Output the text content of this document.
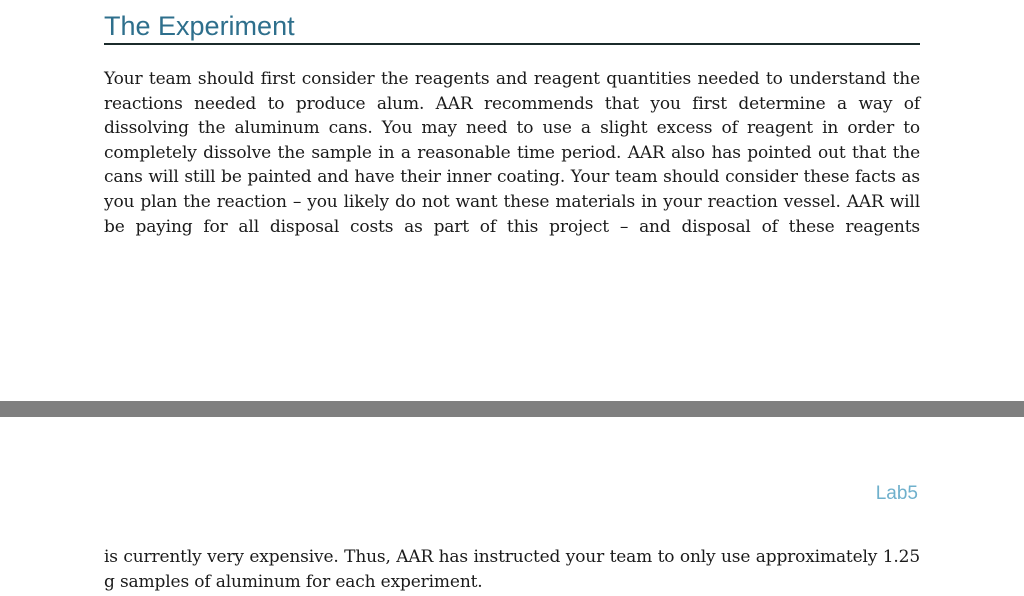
The Experiment

Your team should first consider the reagents and reagent quantities needed to understand the reactions needed to produce alum. AAR recommends that you first determine a way of dissolving the aluminum cans. You may need to use a slight excess of reagent in order to completely dissolve the sample in a reasonable time period. AAR also has pointed out that the cans will still be painted and have their inner coating. Your team should consider these facts as you plan the reaction – you likely do not want these materials in your reaction vessel. AAR will be paying for all disposal costs as part of this project – and disposal of these reagents

Lab5

is currently very expensive. Thus, AAR has instructed your team to only use approximately 1.25 g samples of aluminum for each experiment.
